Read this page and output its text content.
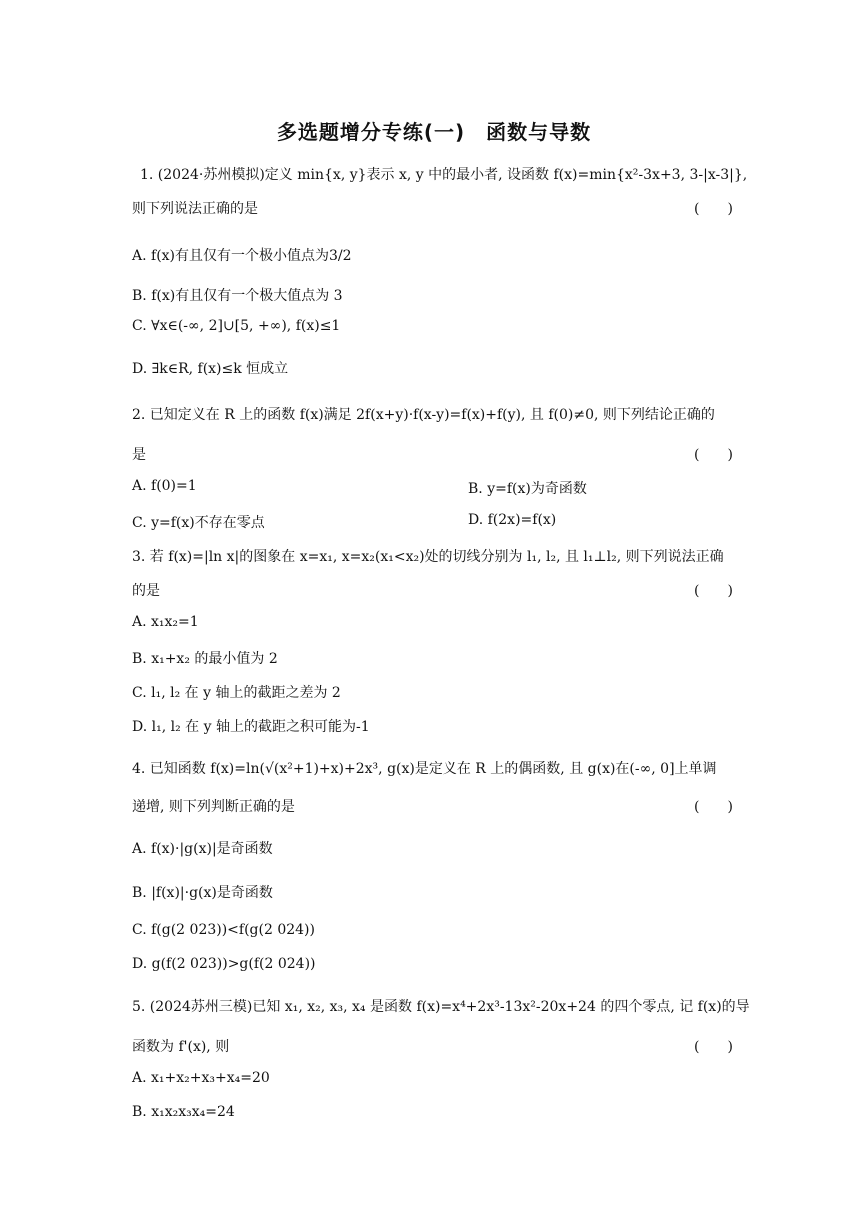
多选题增分专练(一)　函数与导数
1. (2024·苏州模拟)定义 min{x, y}表示 x, y 中的最小者, 设函数 f(x)=min{x²-3x+3, 3-|x-3|},
则下列说法正确的是	(　　)
A. f(x)有且仅有一个极小值点为3/2
B. f(x)有且仅有一个极大值点为 3
C. ∀x∈(-∞, 2]∪[5, +∞), f(x)≤1
D. ∃k∈R, f(x)≤k 恒成立
2. 已知定义在 R 上的函数 f(x)满足 2f(x+y)·f(x-y)=f(x)+f(y), 且 f(0)≠0, 则下列结论正确的
是	(　　)
A. f(0)=1	B. y=f(x)为奇函数
C. y=f(x)不存在零点	D. f(2x)=f(x)
3. 若 f(x)=|ln x|的图象在 x=x₁, x=x₂(x₁<x₂)处的切线分别为 l₁, l₂, 且 l₁⊥l₂, 则下列说法正确
的是	(　　)
A. x₁x₂=1
B. x₁+x₂ 的最小值为 2
C. l₁, l₂ 在 y 轴上的截距之差为 2
D. l₁, l₂ 在 y 轴上的截距之积可能为-1
4. 已知函数 f(x)=ln(√(x²+1)+x)+2x³, g(x)是定义在 R 上的偶函数, 且 g(x)在(-∞, 0]上单调
递增, 则下列判断正确的是	(　　)
A. f(x)·|g(x)|是奇函数
B. |f(x)|·g(x)是奇函数
C. f(g(2 023))<f(g(2 024))
D. g(f(2 023))>g(f(2 024))
5. (2024苏州三模)已知 x₁, x₂, x₃, x₄ 是函数 f(x)=x⁴+2x³-13x²-20x+24 的四个零点, 记 f(x)的导
函数为 f'(x), 则	(　　)
A. x₁+x₂+x₃+x₄=20
B. x₁x₂x₃x₄=24
